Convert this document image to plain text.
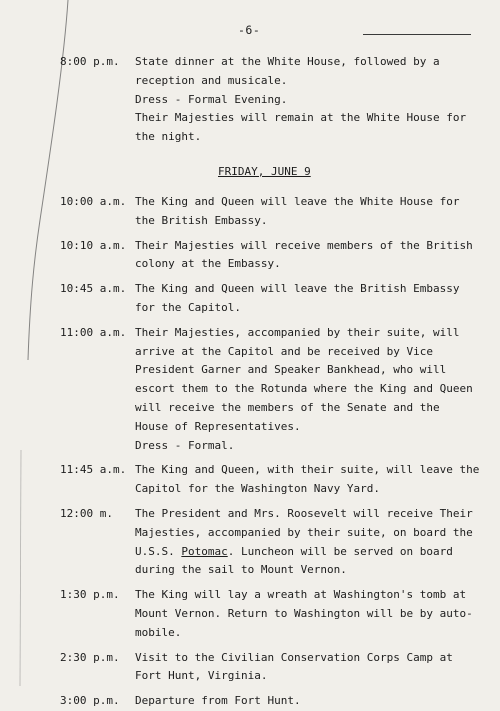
-6-
8:00 p.m. State dinner at the White House, followed by a
reception and musicale.
Dress - Formal Evening.
Their Majesties will remain at the White House for
the night.
FRIDAY, JUNE 9
10:00 a.m. The King and Queen will leave the White House for
the British Embassy.
10:10 a.m. Their Majesties will receive members of the British
colony at the Embassy.
10:45 a.m. The King and Queen will leave the British Embassy
for the Capitol.
11:00 a.m. Their Majesties, accompanied by their suite, will
arrive at the Capitol and be received by Vice
President Garner and Speaker Bankhead, who will
escort them to the Rotunda where the King and Queen
will receive the members of the Senate and the
House of Representatives.
Dress - Formal.
11:45 a.m. The King and Queen, with their suite, will leave the
Capitol for the Washington Navy Yard.
12:00 m. The President and Mrs. Roosevelt will receive Their
Majesties, accompanied by their suite, on board the
U.S.S. Potomac. Luncheon will be served on board
during the sail to Mount Vernon.
1:30 p.m. The King will lay a wreath at Washington's tomb at
Mount Vernon. Return to Washington will be by auto-
mobile.
2:30 p.m. Visit to the Civilian Conservation Corps Camp at
Fort Hunt, Virginia.
3:00 p.m. Departure from Fort Hunt.
